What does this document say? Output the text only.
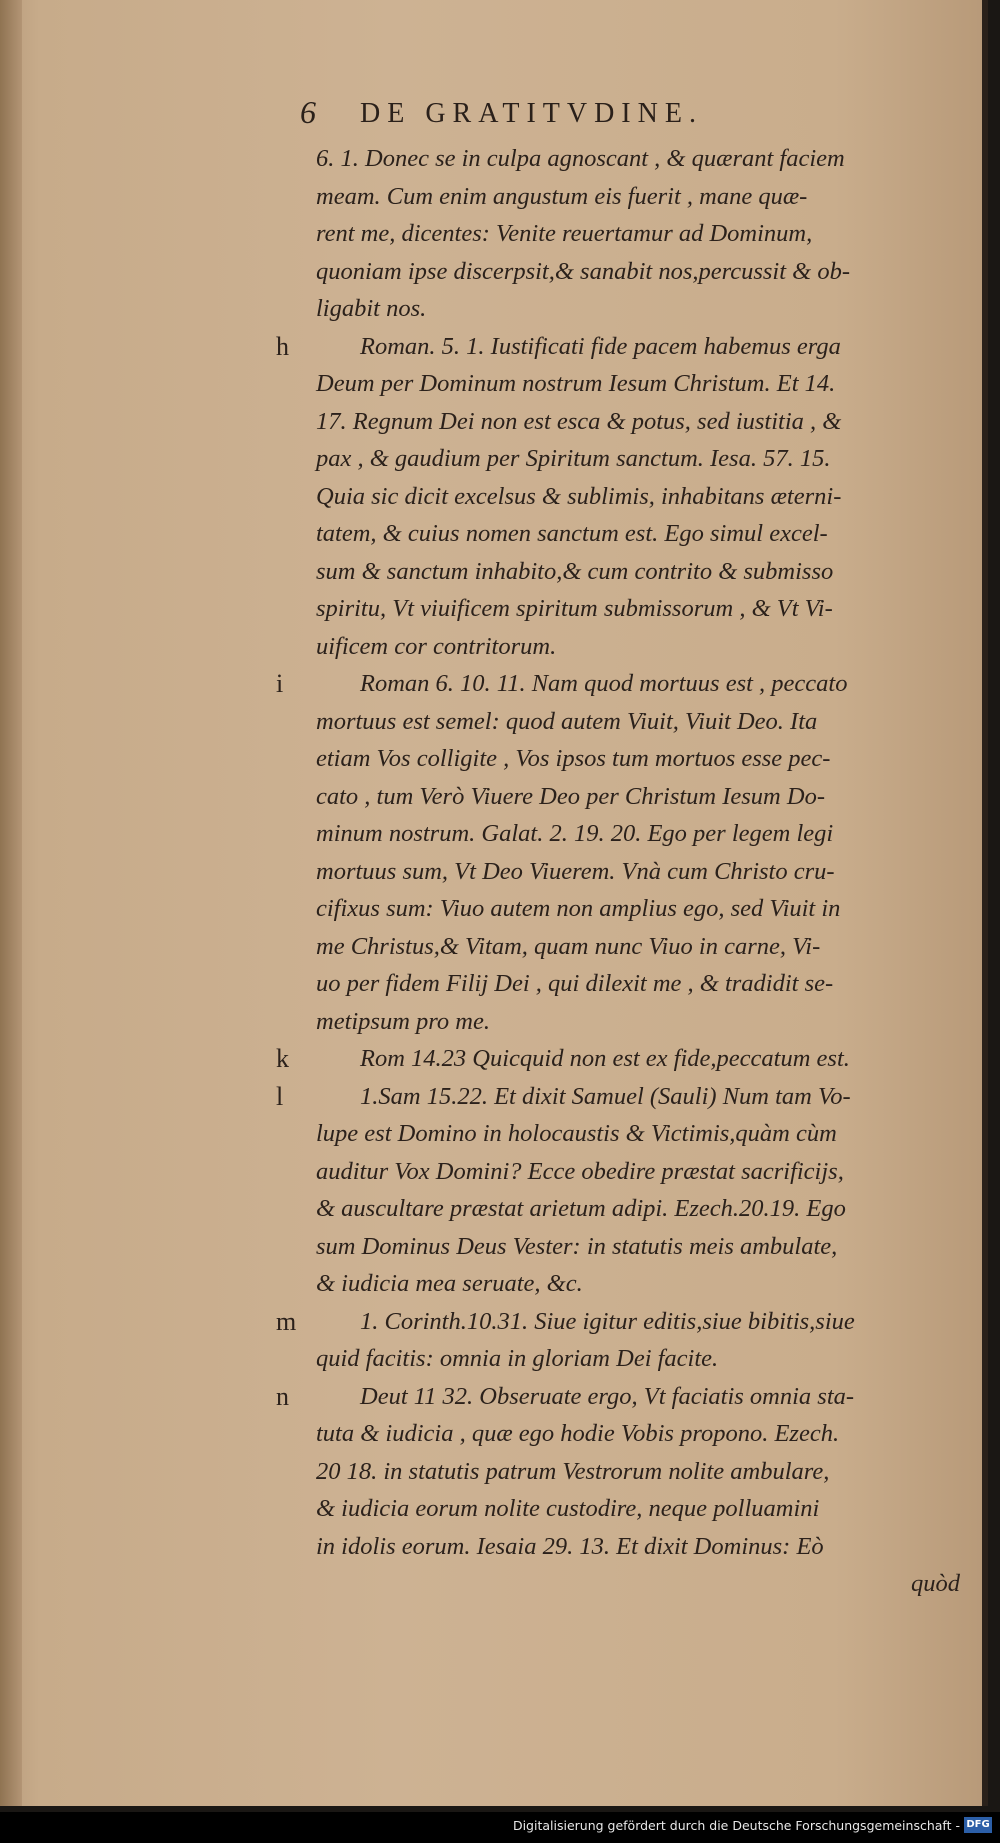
6 DE GRATITVDINE.
6. 1. Donec se in culpa agnoscant , & quærant faciem
meam. Cum enim angustum eis fuerit , mane quæ-
rent me, dicentes: Venite reuertamur ad Dominum,
quoniam ipse discerpsit,& sanabit nos,percussit & ob-
ligabit nos.
Roman. 5. 1. Iustificati fide pacem habemus erga
Deum per Dominum nostrum Iesum Christum. Et 14.
17. Regnum Dei non est esca & potus, sed iustitia , &
pax , & gaudium per Spiritum sanctum. Iesa. 57. 15.
Quia sic dicit excelsus & sublimis, inhabitans æterni-
tatem, & cuius nomen sanctum est. Ego simul excel-
sum & sanctum inhabito,& cum contrito & submisso
spiritu, Vt viuificem spiritum submissorum , & Vt Vi-
uificem cor contritorum.
h
Roman 6. 10. 11. Nam quod mortuus est , peccato
mortuus est semel: quod autem Viuit, Viuit Deo. Ita
etiam Vos colligite , Vos ipsos tum mortuos esse pec-
cato , tum Verò Viuere Deo per Christum Iesum Do-
minum nostrum. Galat. 2. 19. 20. Ego per legem legi
mortuus sum, Vt Deo Viuerem. Vnà cum Christo cru-
cifixus sum: Viuo autem non amplius ego, sed Viuit in
me Christus,& Vitam, quam nunc Viuo in carne, Vi-
uo per fidem Filij Dei , qui dilexit me , & tradidit se-
metipsum pro me.
i
Rom 14.23 Quicquid non est ex fide,peccatum est.
k
1.Sam 15.22. Et dixit Samuel (Sauli) Num tam Vo-
lupe est Domino in holocaustis & Victimis,quàm cùm
auditur Vox Domini? Ecce obedire præstat sacrificijs,
& auscultare præstat arietum adipi. Ezech.20.19. Ego
sum Dominus Deus Vester: in statutis meis ambulate,
& iudicia mea seruate, &c.
l
1. Corinth.10.31. Siue igitur editis,siue bibitis,siue
quid facitis: omnia in gloriam Dei facite.
m
Deut 11 32. Obseruate ergo, Vt faciatis omnia sta-
tuta & iudicia , quæ ego hodie Vobis propono. Ezech.
20 18. in statutis patrum Vestrorum nolite ambulare,
& iudicia eorum nolite custodire, neque polluamini
in idolis eorum. Iesaia 29. 13. Et dixit Dominus: Eò
n
quòd
Digitalisierung gefördert durch die Deutsche Forschungsgemeinschaft - DFG
